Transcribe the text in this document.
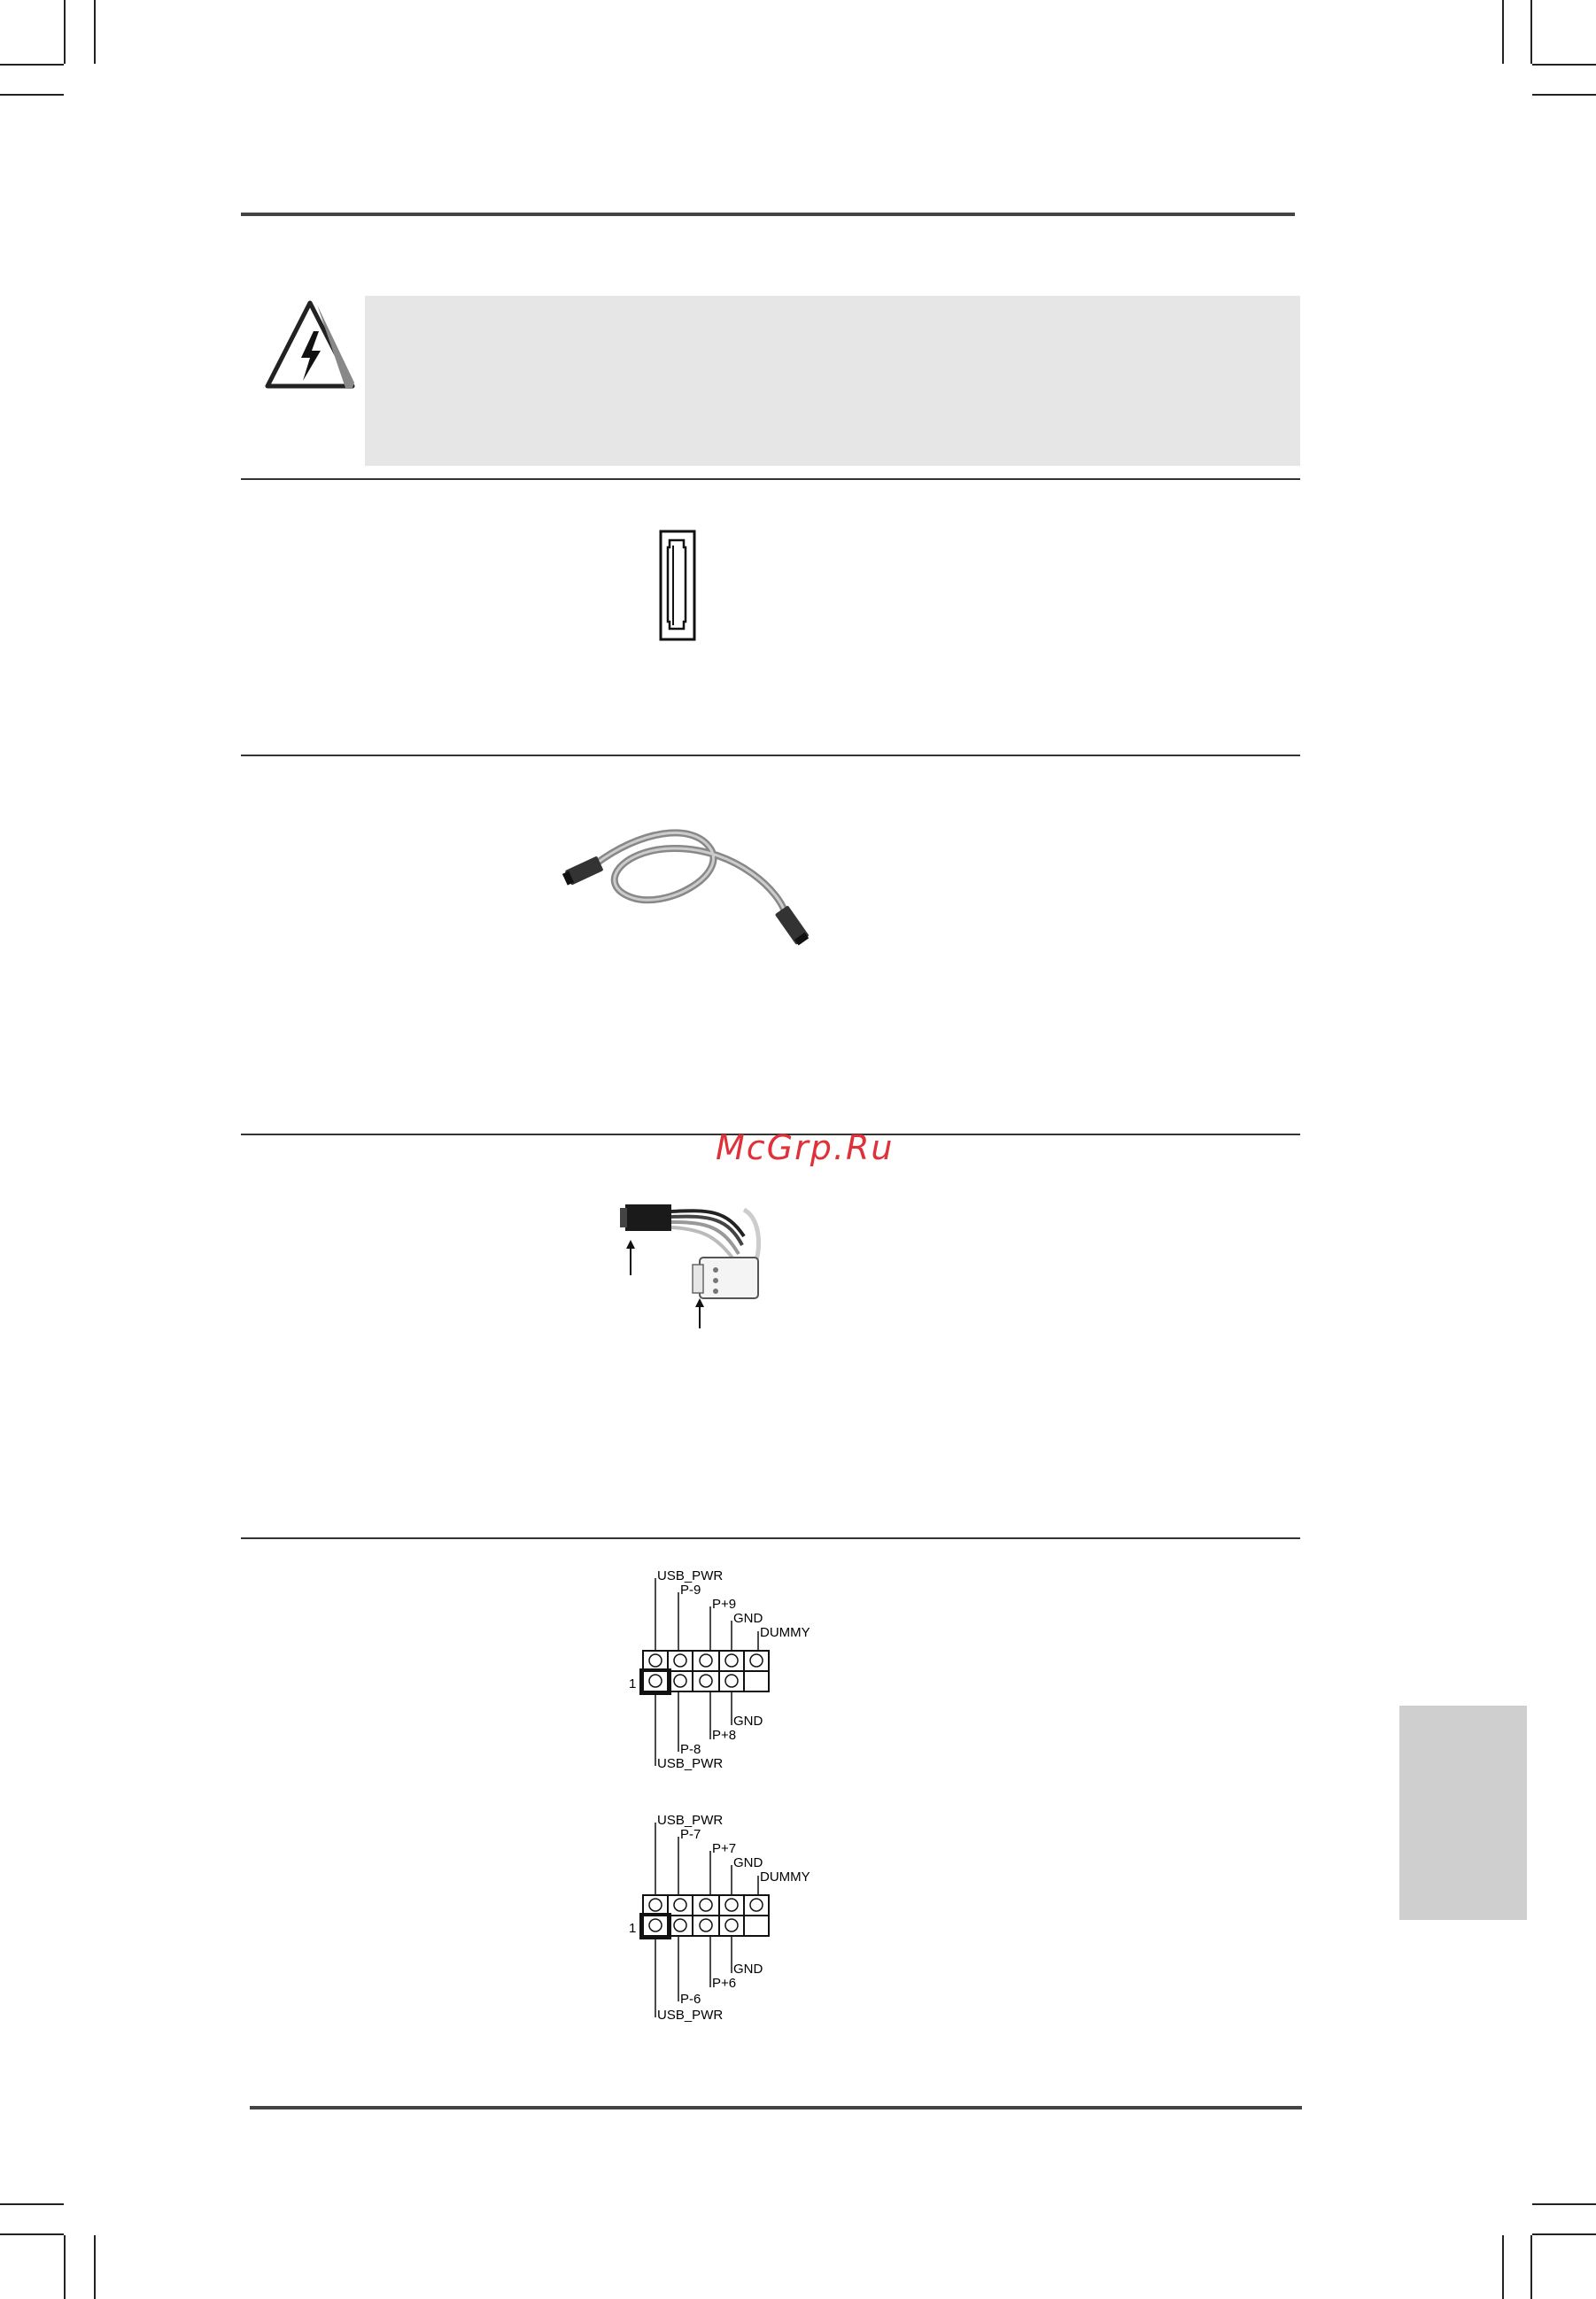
McGrp.Ru
USB_PWR
P-9
P+9
GND
DUMMY
GND
P+8
P-8
USB_PWR
1
USB_PWR
P-7
P+7
GND
DUMMY
GND
P+6
P-6
USB_PWR
1
